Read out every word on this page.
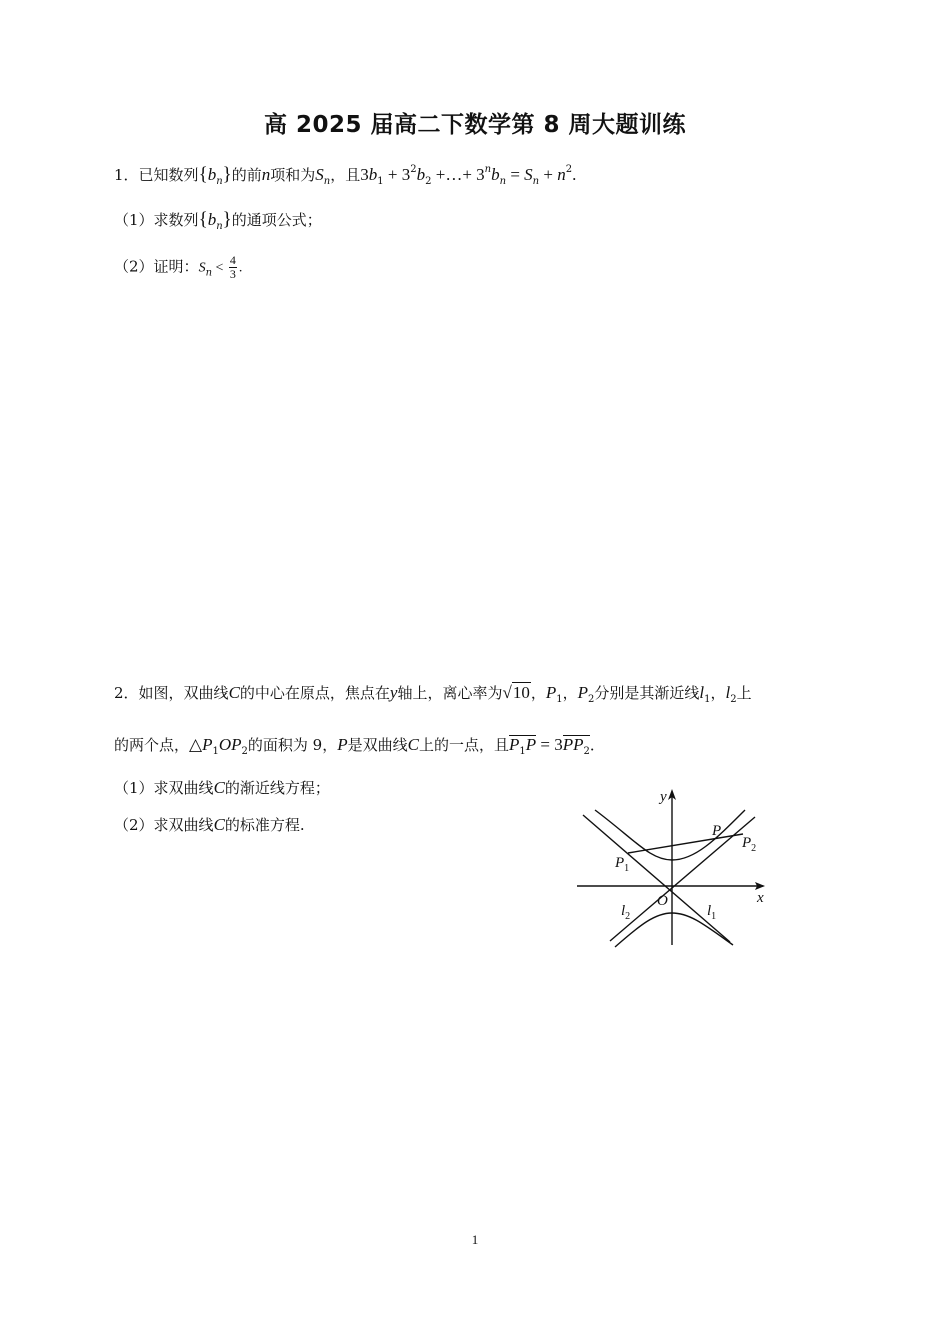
高 2025 届高二下数学第 8 周大题训练
1．已知数列$\{b_n\}$的前n项和为$S_n$，且$3b_1 + 3^2b_2$ +…+ $3^nb_n = S_n + n^2$.
（1）求数列$\{b_n\}$的通项公式；
（2）证明：$S_n < \frac{4}{3}$ .
2．如图，双曲线C的中心在原点，焦点在y轴上，离心率为√10，$P_1$，$P_2$分别是其渐近线$l_1$，$l_2$上
的两个点，$\triangle P_1OP_2$的面积为 9，P是双曲线C上的一点，且$P_1P = 3PP_2$．
（1）求双曲线C的渐近线方程；
（2）求双曲线C的标准方程.
y
x
O
P
$P_1$
$P_2$
$l_1$
$l_2$
1
